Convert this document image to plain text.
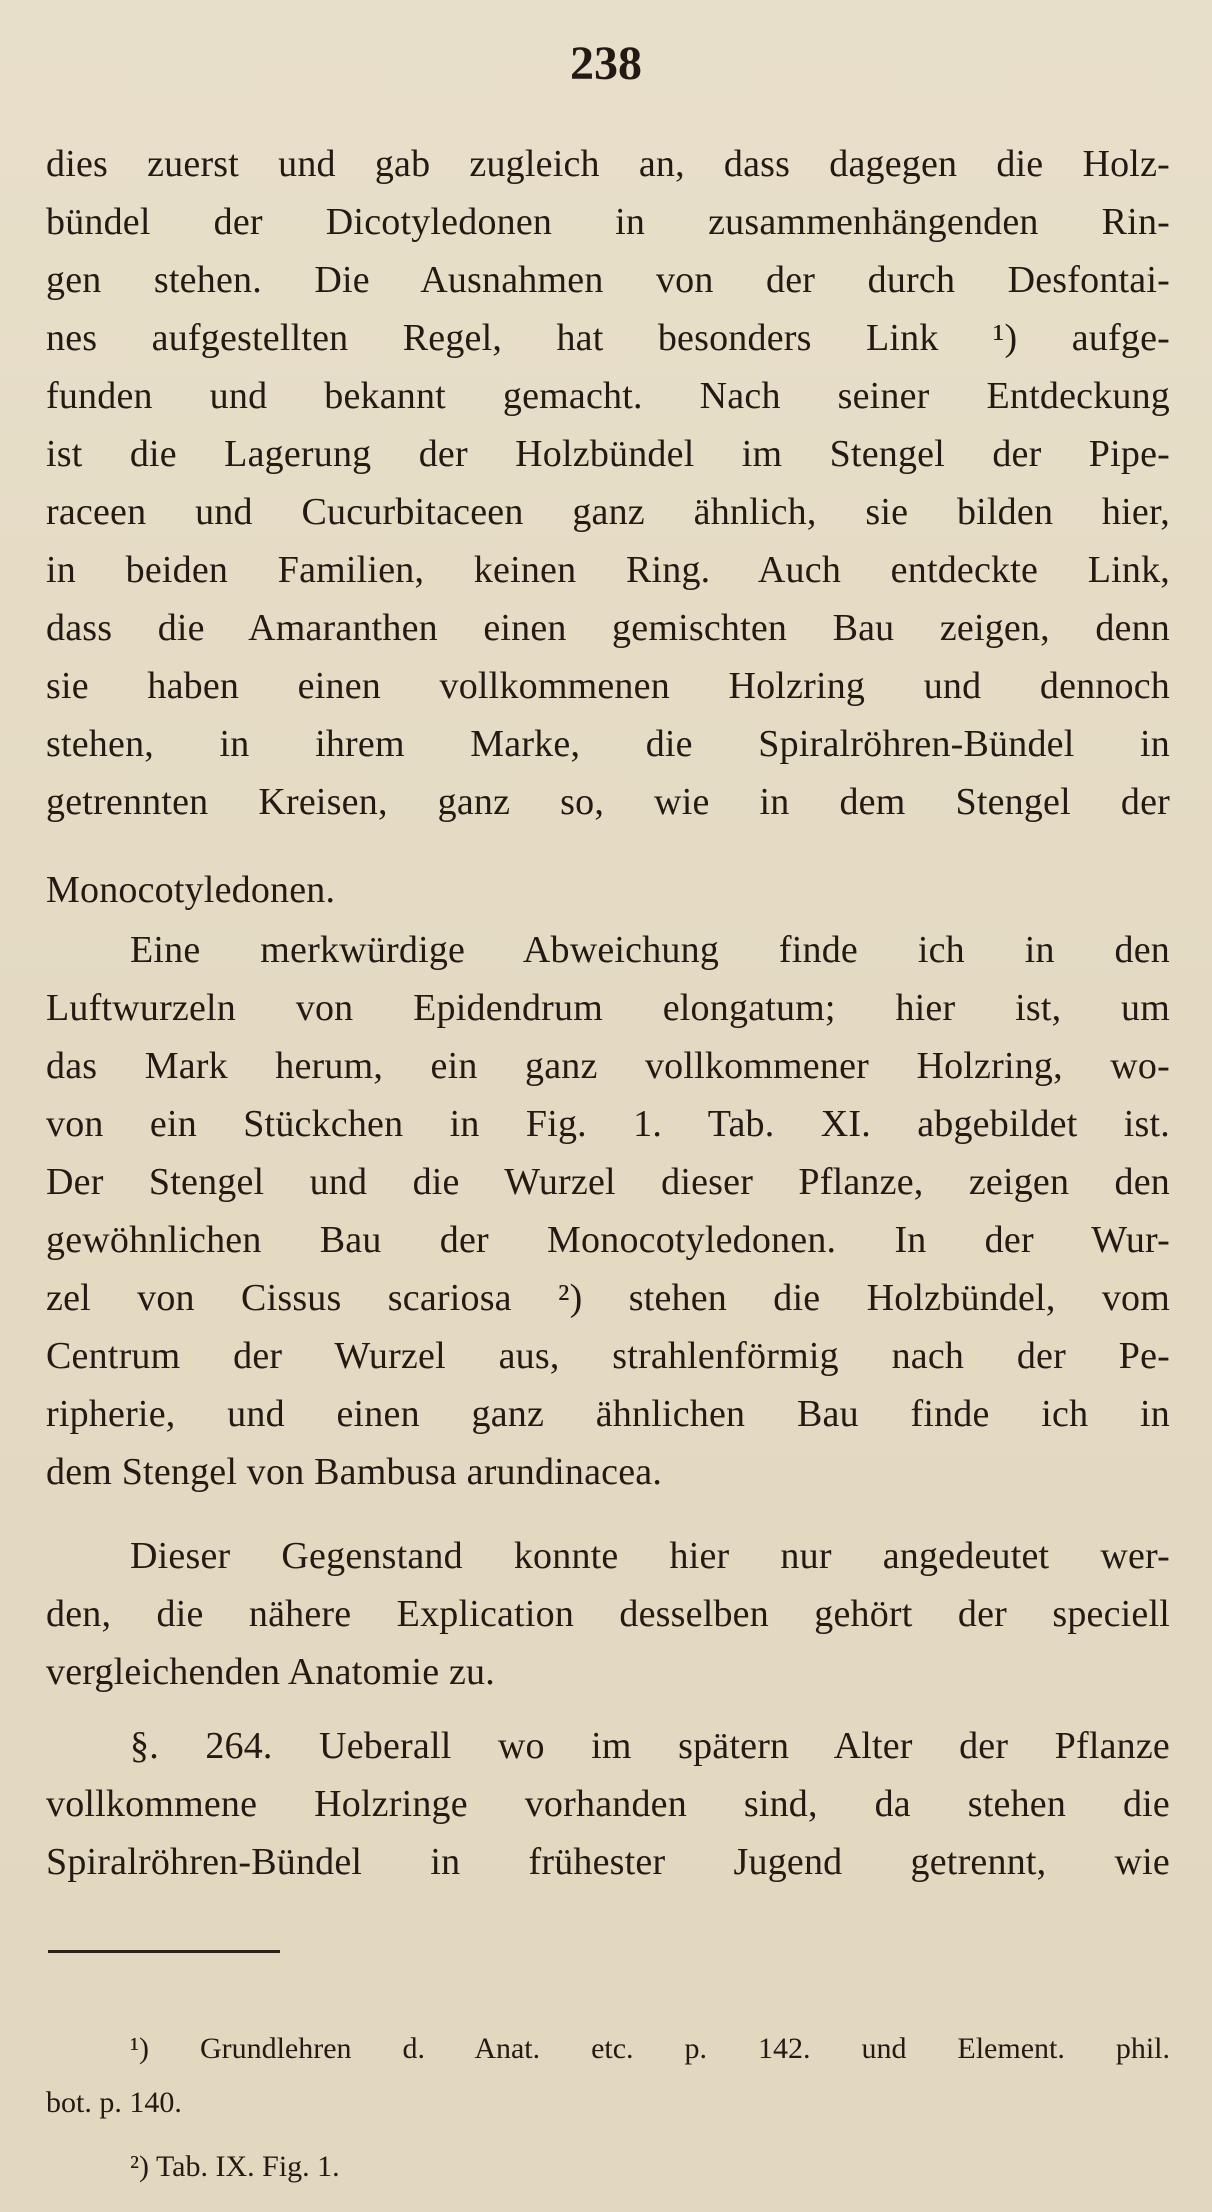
238
dies zuerst und gab zugleich an, dass dagegen die Holz-
bündel der Dicotyledonen in zusammenhängenden Rin-
gen stehen. Die Ausnahmen von der durch Desfontai-
nes aufgestellten Regel, hat besonders Link ¹) aufge-
funden und bekannt gemacht. Nach seiner Entdeckung
ist die Lagerung der Holzbündel im Stengel der Pipe-
raceen und Cucurbitaceen ganz ähnlich, sie bilden hier,
in beiden Familien, keinen Ring. Auch entdeckte Link,
dass die Amaranthen einen gemischten Bau zeigen, denn
sie haben einen vollkommenen Holzring und dennoch
stehen, in ihrem Marke, die Spiralröhren-Bündel in
getrennten Kreisen, ganz so, wie in dem Stengel der
Monocotyledonen.
Eine merkwürdige Abweichung finde ich in den
Luftwurzeln von Epidendrum elongatum; hier ist, um
das Mark herum, ein ganz vollkommener Holzring, wo-
von ein Stückchen in Fig. 1. Tab. XI. abgebildet ist.
Der Stengel und die Wurzel dieser Pflanze, zeigen den
gewöhnlichen Bau der Monocotyledonen. In der Wur-
zel von Cissus scariosa ²) stehen die Holzbündel, vom
Centrum der Wurzel aus, strahlenförmig nach der Pe-
ripherie, und einen ganz ähnlichen Bau finde ich in
dem Stengel von Bambusa arundinacea.
Dieser Gegenstand konnte hier nur angedeutet wer-
den, die nähere Explication desselben gehört der speciell
vergleichenden Anatomie zu.
§. 264. Ueberall wo im spätern Alter der Pflanze
vollkommene Holzringe vorhanden sind, da stehen die
Spiralröhren-Bündel in frühester Jugend getrennt, wie
¹) Grundlehren d. Anat. etc. p. 142. und Element. phil.
bot. p. 140.
²) Tab. IX. Fig. 1.
